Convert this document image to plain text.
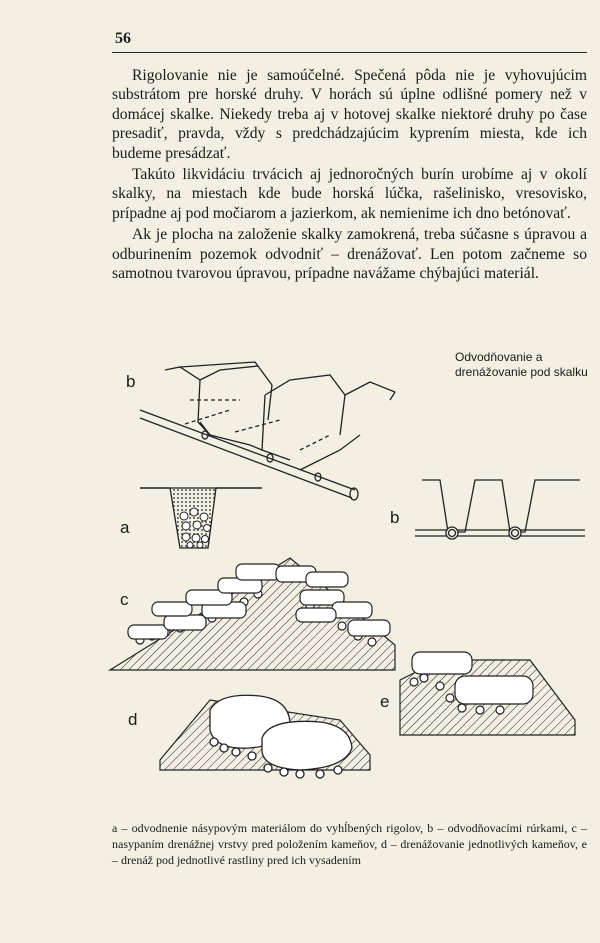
56

Rigolovanie nie je samoúčelné. Spečená pôda nie je vyhovujúcim substrátom pre horské druhy. V horách sú úplne odlišné pomery než v domácej skalke. Niekedy treba aj v hotovej skalke niektoré druhy po čase presadiť, pravda, vždy s predchádzajúcim kyprením miesta, kde ich budeme presádzať.

Takúto likvidáciu trvácich aj jednoročných burín urobíme aj v okolí skalky, na miestach kde bude horská lúčka, rašelinisko, vresovisko, prípadne aj pod močiarom a jazierkom, ak nemienime ich dno betónovať.

Ak je plocha na založenie skalky zamokrená, treba súčasne s úpravou a odburinením pozemok odvodniť – drenážovať. Len potom začneme so samotnou tvarovou úpravou, prípadne navážame chýbajúci materiál.

Odvodňovanie a drenážovanie pod skalku
b
a
b
c
d
e
a – odvodnenie násypovým materiálom do vyhĺbených rigolov, b – odvodňovacími rúrkami, c – nasypaním drenážnej vrstvy pred položením kameňov, d – drenážovanie jednotlivých kameňov, e – drenáž pod jednotlivé rastliny pred ich vysadením
